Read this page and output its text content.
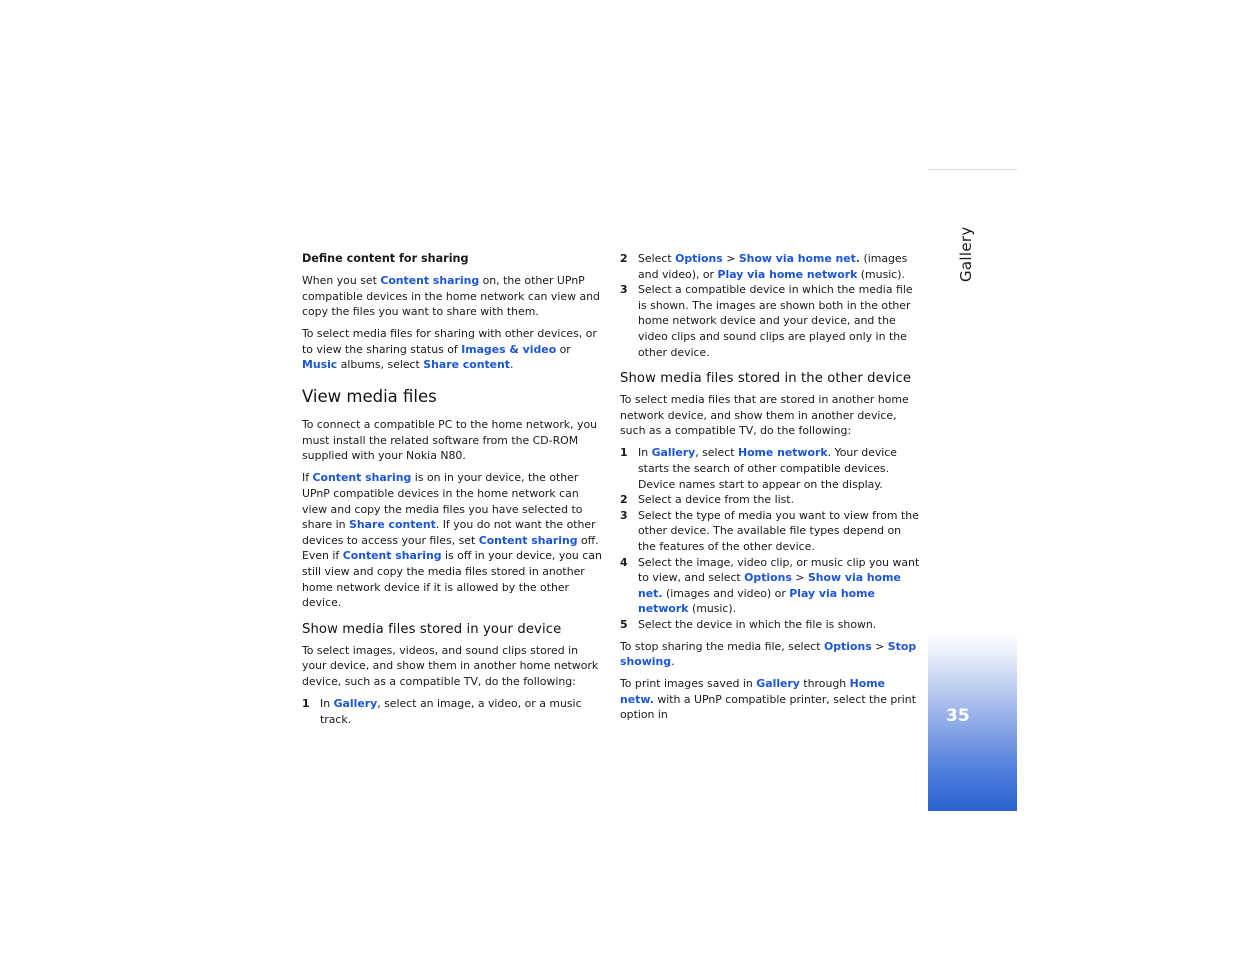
Gallery
35
Define content for sharing

When you set Content sharing on, the other UPnP compatible devices in the home network can view and copy the files you want to share with them.

To select media files for sharing with other devices, or to view the sharing status of Images & video or Music albums, select Share content.

View media files

To connect a compatible PC to the home network, you must install the related software from the CD-ROM supplied with your Nokia N80.

If Content sharing is on in your device, the other UPnP compatible devices in the home network can view and copy the media files you have selected to share in Share content. If you do not want the other devices to access your files, set Content sharing off. Even if Content sharing is off in your device, you can still view and copy the media files stored in another home network device if it is allowed by the other device.

Show media files stored in your device

To select images, videos, and sound clips stored in your device, and show them in another home network device, such as a compatible TV, do the following:

1 In Gallery, select an image, a video, or a music track.
2 Select Options > Show via home net. (images and video), or Play via home network (music).
3 Select a compatible device in which the media file is shown. The images are shown both in the other home network device and your device, and the video clips and sound clips are played only in the other device.
Show media files stored in the other device

To select media files that are stored in another home network device, and show them in another device, such as a compatible TV, do the following:

1 In Gallery, select Home network. Your device starts the search of other compatible devices. Device names start to appear on the display.
2 Select a device from the list.
3 Select the type of media you want to view from the other device. The available file types depend on the features of the other device.
4 Select the image, video clip, or music clip you want to view, and select Options > Show via home net. (images and video) or Play via home network (music).
5 Select the device in which the file is shown.

To stop sharing the media file, select Options > Stop showing.

To print images saved in Gallery through Home netw. with a UPnP compatible printer, select the print option in
